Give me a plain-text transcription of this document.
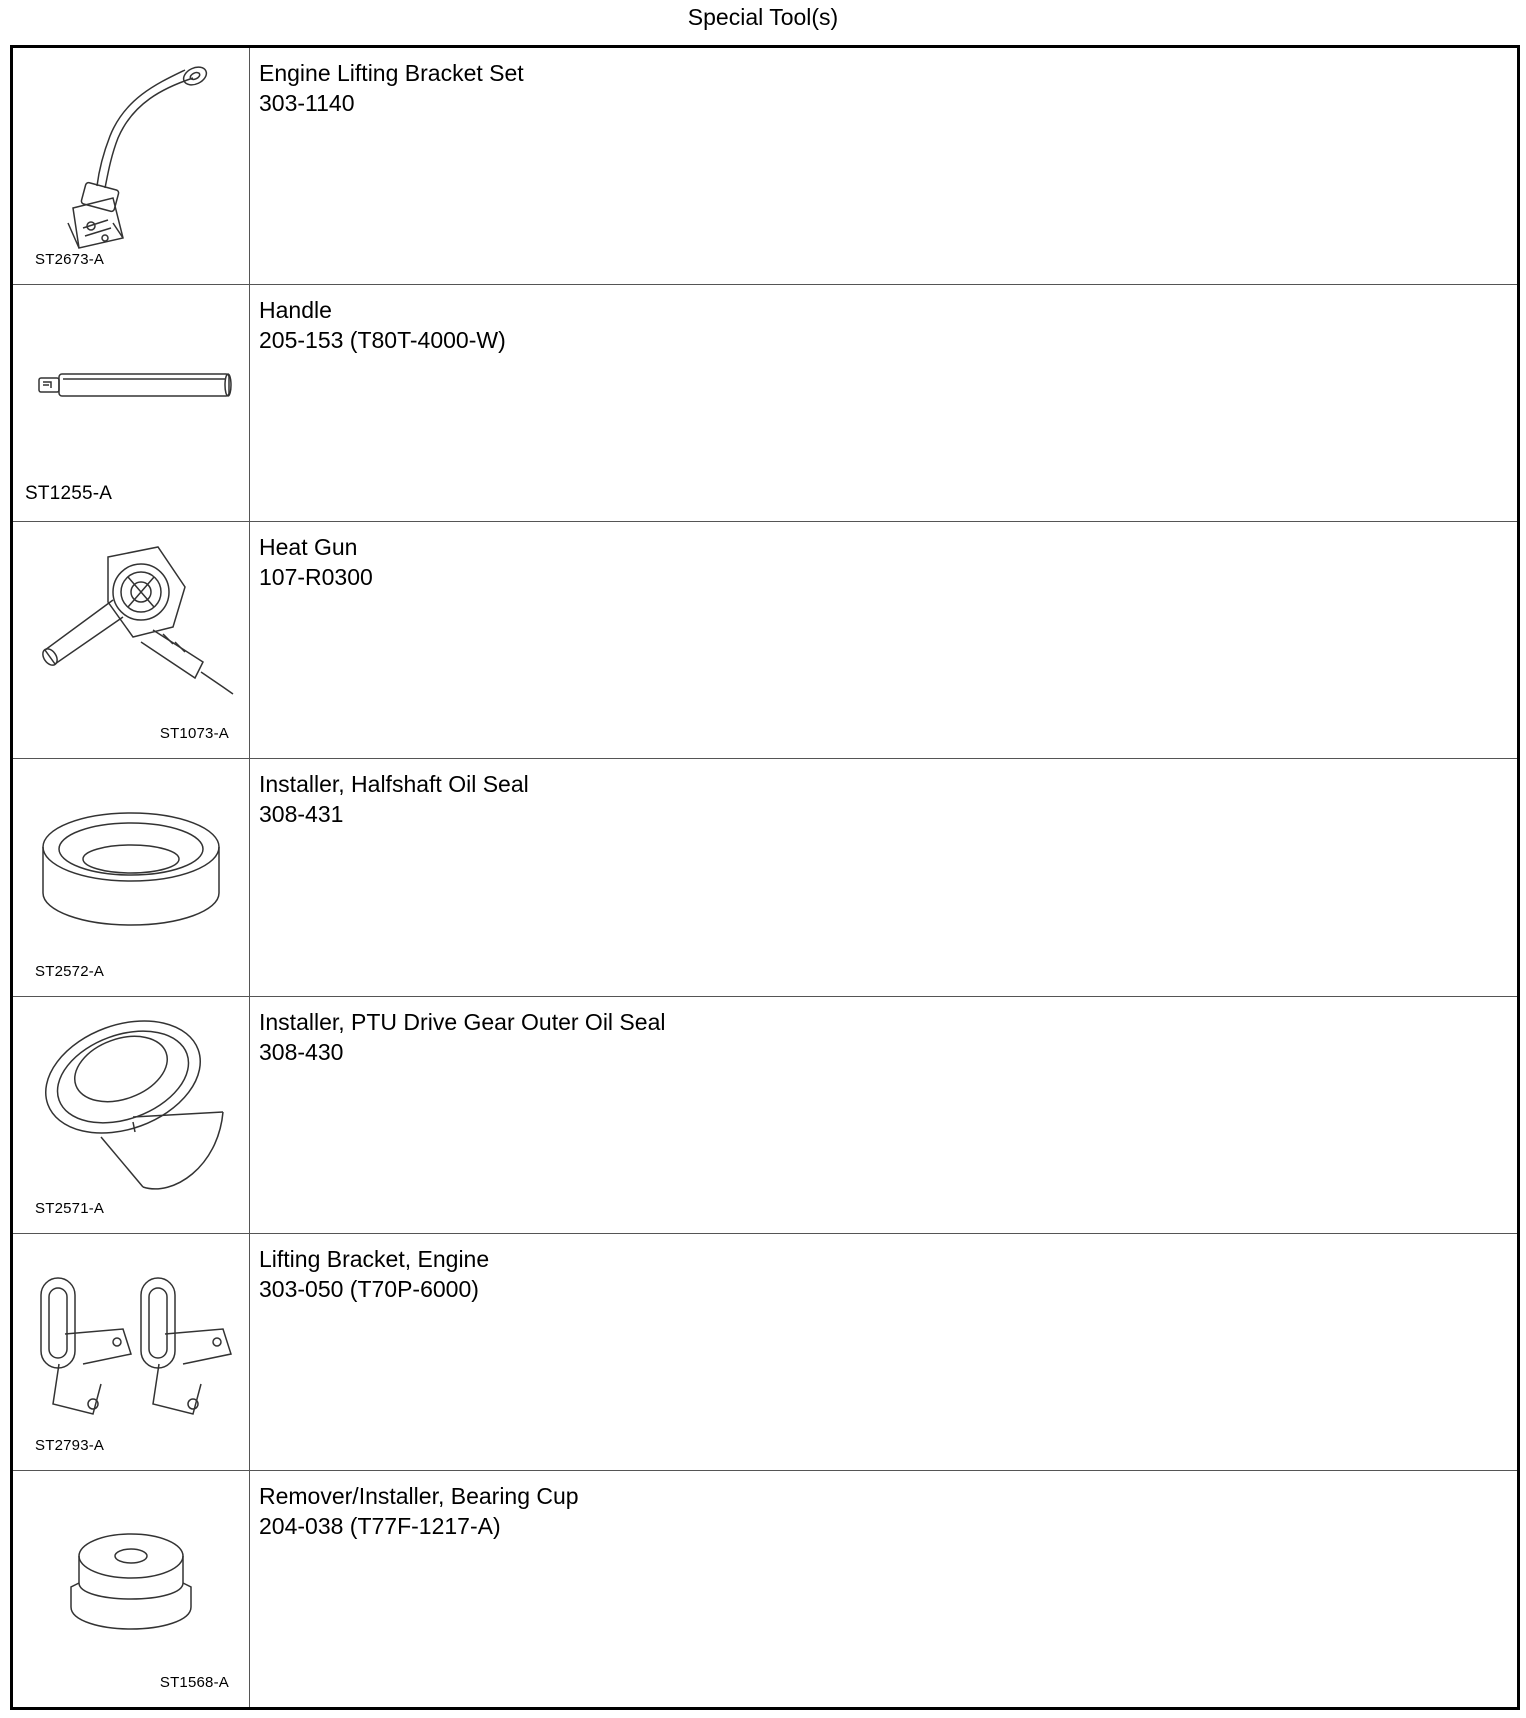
Special Tool(s)
ST2673-A
Engine Lifting Bracket Set
303-1140
ST1255-A
Handle
205-153 (T80T-4000-W)
ST1073-A
Heat Gun
107-R0300
ST2572-A
Installer, Halfshaft Oil Seal
308-431
ST2571-A
Installer, PTU Drive Gear Outer Oil Seal
308-430
ST2793-A
Lifting Bracket, Engine
303-050 (T70P-6000)
ST1568-A
Remover/Installer, Bearing Cup
204-038 (T77F-1217-A)
